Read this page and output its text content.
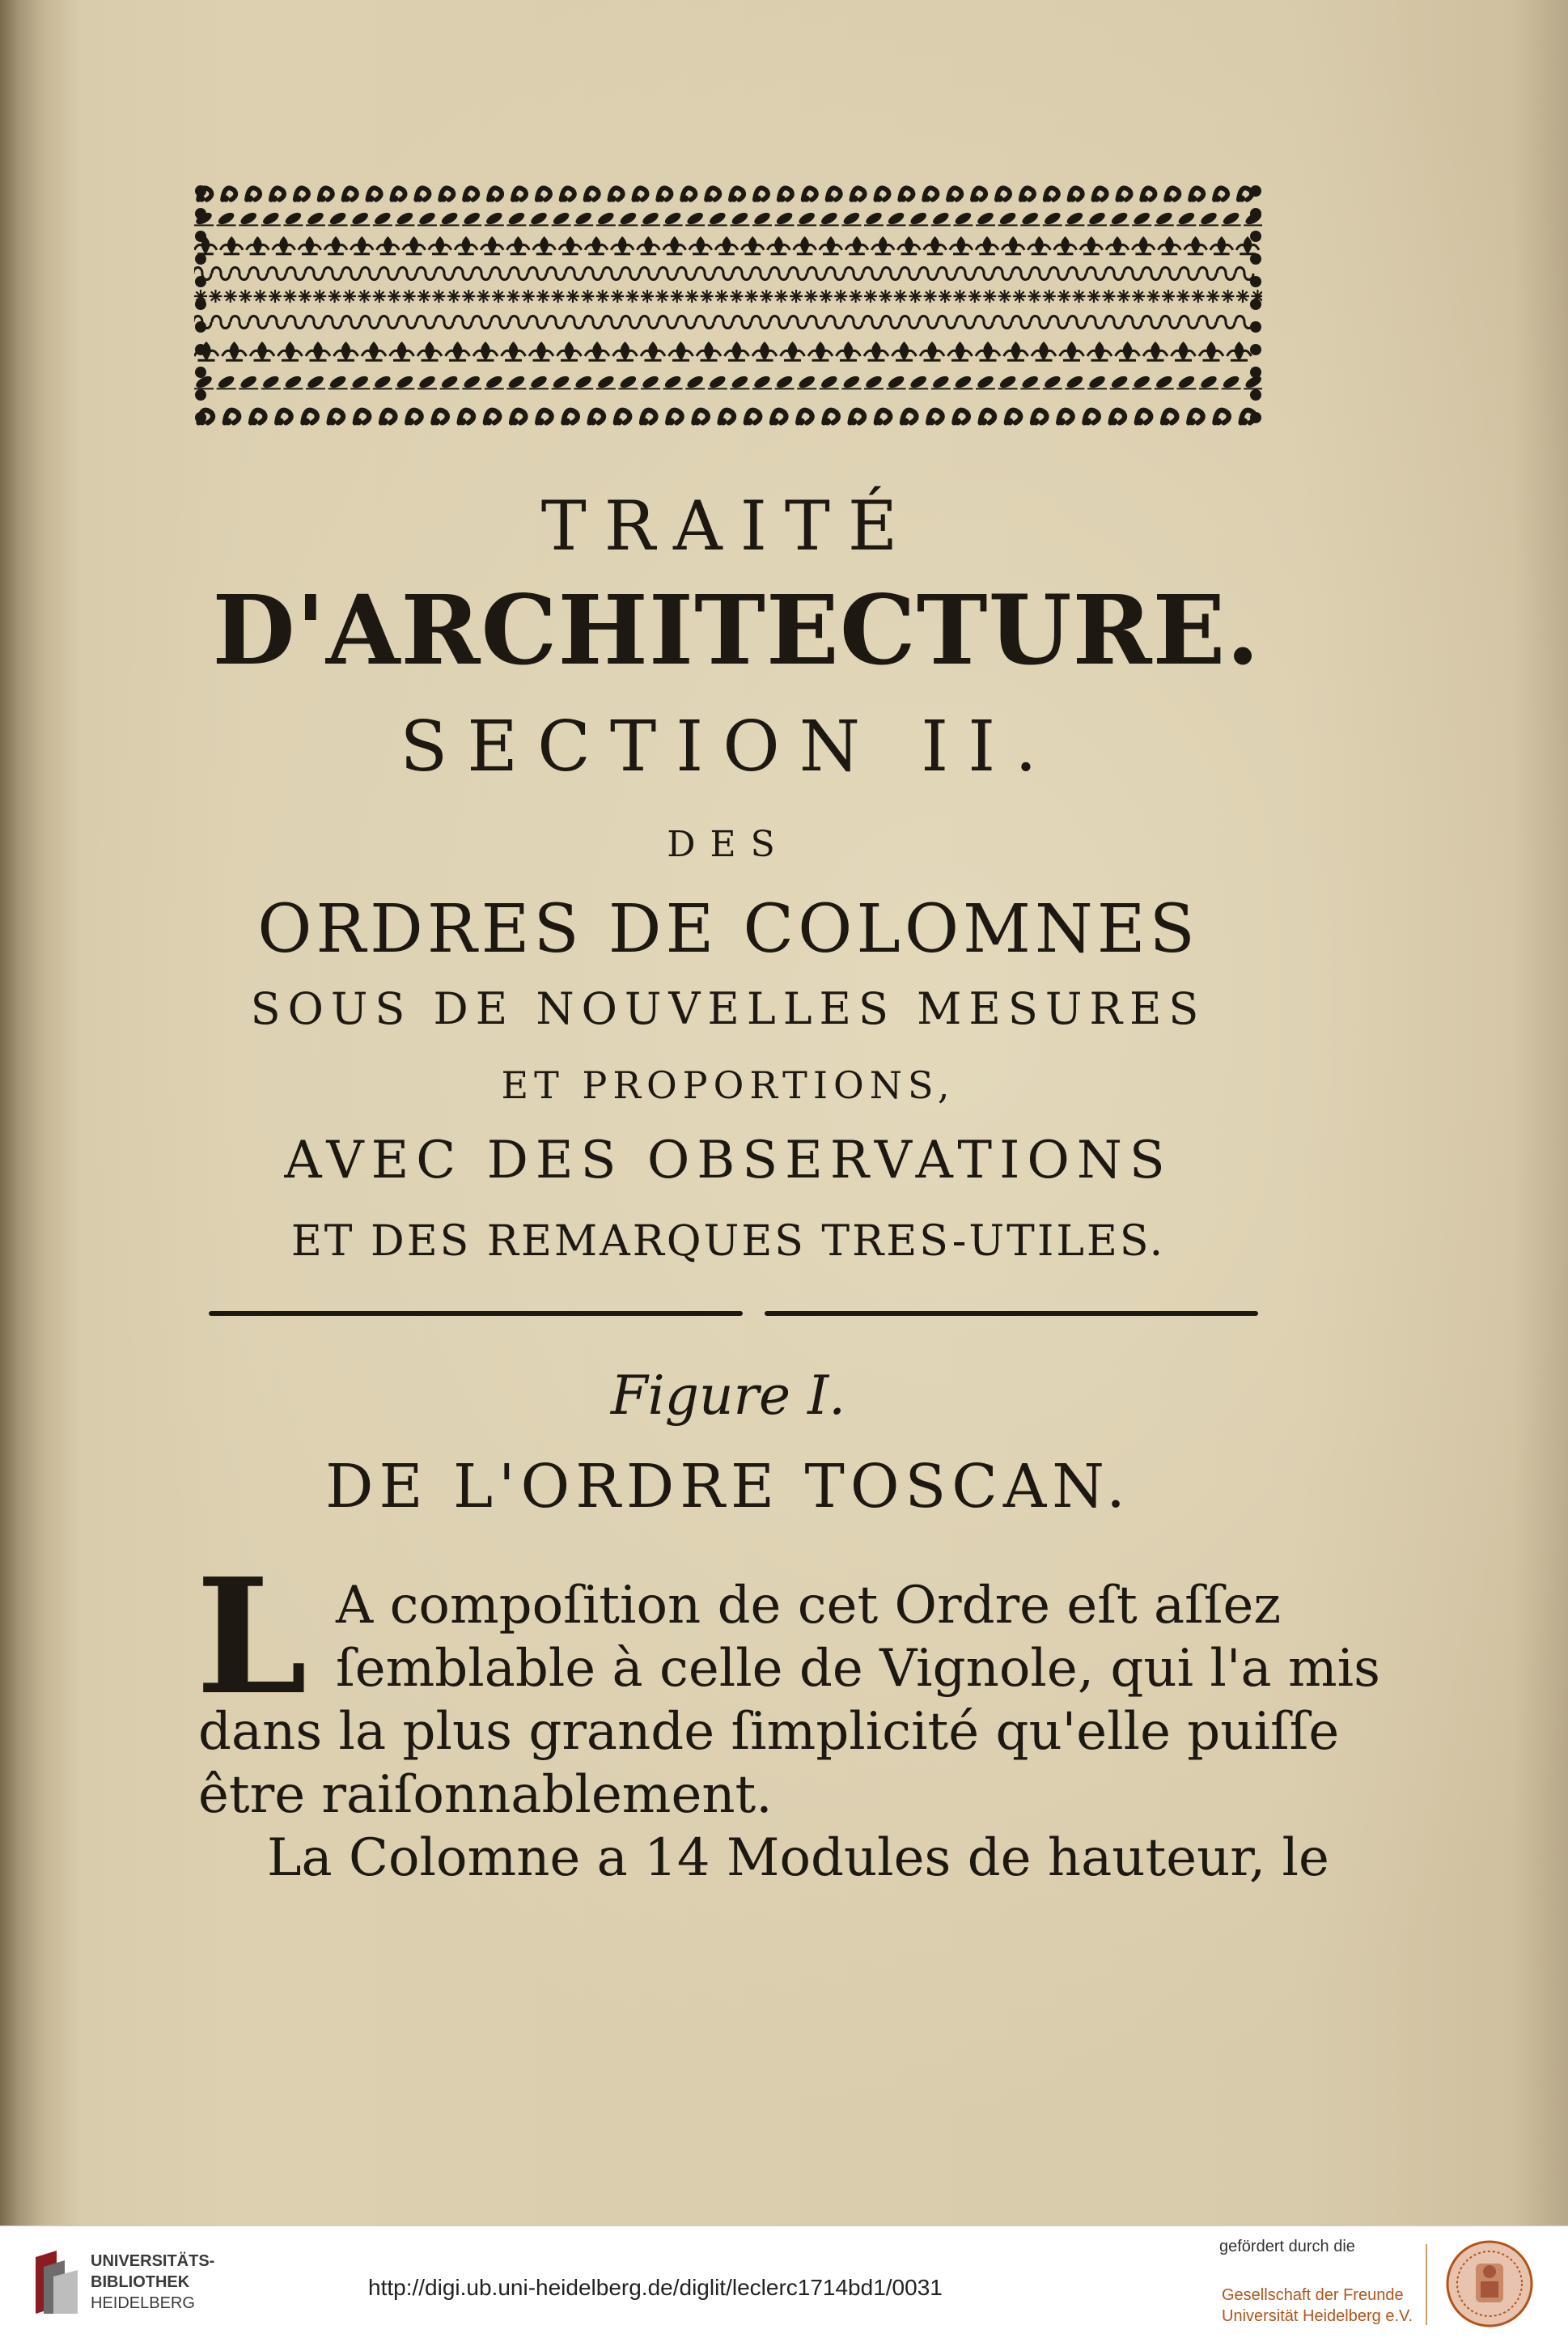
TRAITÉ

D'ARCHITECTURE.

SECTION II.

DES

ORDRES DE COLOMNES

SOUS DE NOUVELLES MESURES

ET PROPORTIONS,

AVEC DES OBSERVATIONS

ET DES REMARQUES TRES-UTILES.

Figure I.

DE L'ORDRE TOSCAN.

L A compoſition de cet Ordre eſt aſſez
ſemblable à celle de Vignole, qui l'a mis
dans la plus grande ſimplicité qu'elle puiſſe
être raiſonnablement.
La Colomne a 14 Modules de hauteur, le
UNIVERSITÄTS-
BIBLIOTHEK
HEIDELBERG
http://digi.ub.uni-heidelberg.de/diglit/leclerc1714bd1/0031
gefördert durch die
Gesellschaft der Freunde
Universität Heidelberg e.V.
